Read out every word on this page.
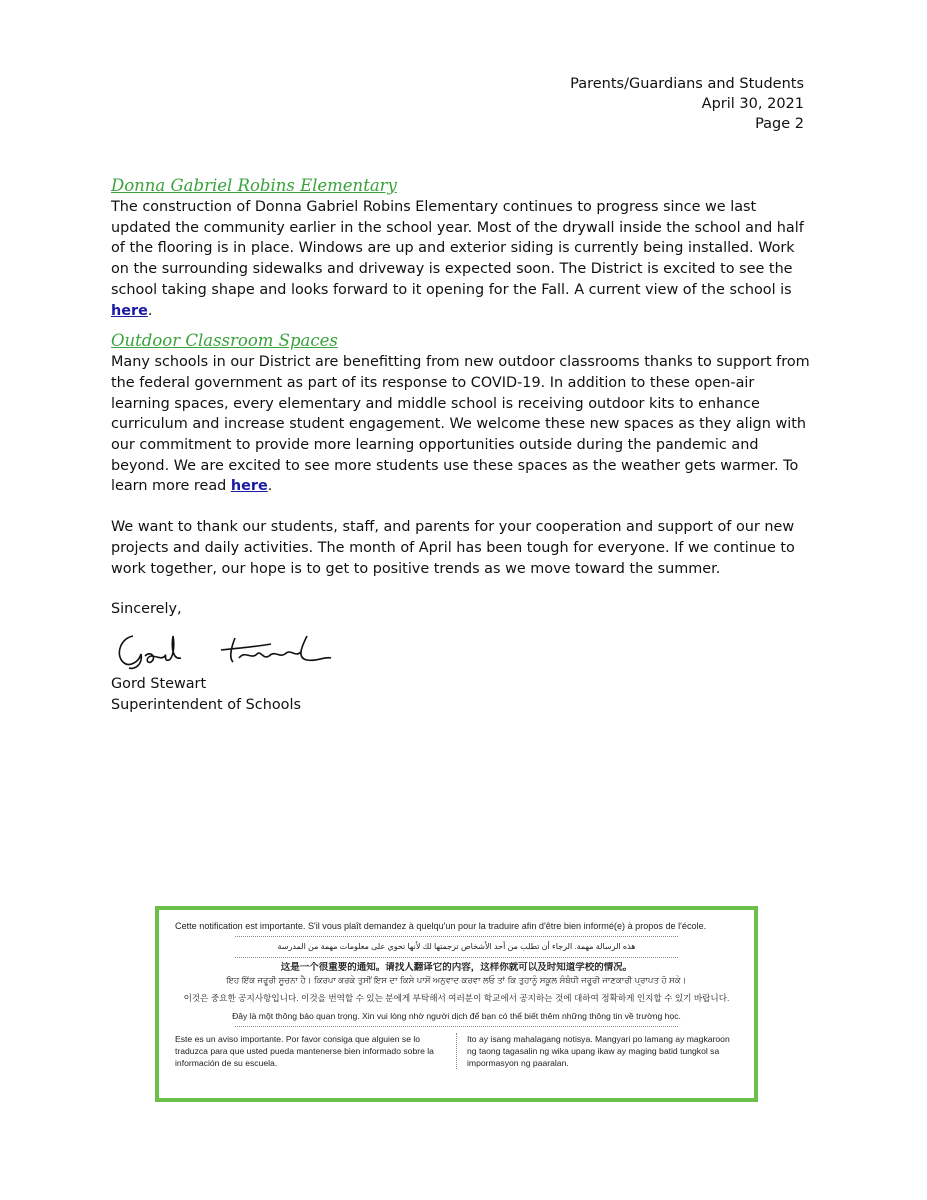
Parents/Guardians and Students
April 30, 2021
Page 2
Donna Gabriel Robins Elementary

The construction of Donna Gabriel Robins Elementary continues to progress since we last updated the community earlier in the school year. Most of the drywall inside the school and half of the flooring is in place. Windows are up and exterior siding is currently being installed. Work on the surrounding sidewalks and driveway is expected soon. The District is excited to see the school taking shape and looks forward to it opening for the Fall. A current view of the school is here.

Outdoor Classroom Spaces

Many schools in our District are benefitting from new outdoor classrooms thanks to support from the federal government as part of its response to COVID-19. In addition to these open-air learning spaces, every elementary and middle school is receiving outdoor kits to enhance curriculum and increase student engagement. We welcome these new spaces as they align with our commitment to provide more learning opportunities outside during the pandemic and beyond. We are excited to see more students use these spaces as the weather gets warmer. To learn more read here.

We want to thank our students, staff, and parents for your cooperation and support of our new projects and daily activities. The month of April has been tough for everyone. If we continue to work together, our hope is to get to positive trends as we move toward the summer.

Sincerely,

Gord Stewart

Superintendent of Schools

Cette notification est importante. S'il vous plaît demandez à quelqu'un pour la traduire afin d'être bien informé(e) à propos de l'école.
هذه الرسالة مهمة. الرجاء أن تطلب من أحد الأشخاص ترجمتها لك لأنها تحوي على معلومات مهمة من المدرسة
这是一个很重要的通知。请找人翻译它的内容，这样你就可以及时知道学校的情况。
ਇਹ ਇੱਕ ਜਰੂਰੀ ਸੂਚਨਾ ਹੈ। ਕਿਰਪਾ ਕਰਕੇ ਤੁਸੀਂ ਇਸ ਦਾ ਕਿਸੇ ਪਾਸੋਂ ਅਨੁਵਾਦ ਕਰਵਾ ਲਓ ਤਾਂ ਕਿ ਤੁਹਾਨੂੰ ਸਕੂਲ ਸੰਬੰਧੀ ਜਰੂਰੀ ਜਾਣਕਾਰੀ ਪ੍ਰਾਪਤ ਹੋ ਸਕੇ।
이것은 중요한 공지사항입니다. 이것을 번역할 수 있는 분에게 부탁해서 여러분이 학교에서 공지하는 것에 대하여 정확하게 인지할 수 있기 바랍니다.
Đây là một thông báo quan trọng. Xin vui lòng nhờ người dịch để bạn có thể biết thêm những thông tin về trường học.
Este es un aviso importante. Por favor consiga que alguien se lo traduzca para que usted pueda mantenerse bien informado sobre la información de su escuela.
Ito ay isang mahalagang notisya. Mangyari po lamang ay magkaroon ng taong tagasalin ng wika upang ikaw ay maging batid tungkol sa impormasyon ng paaralan.
